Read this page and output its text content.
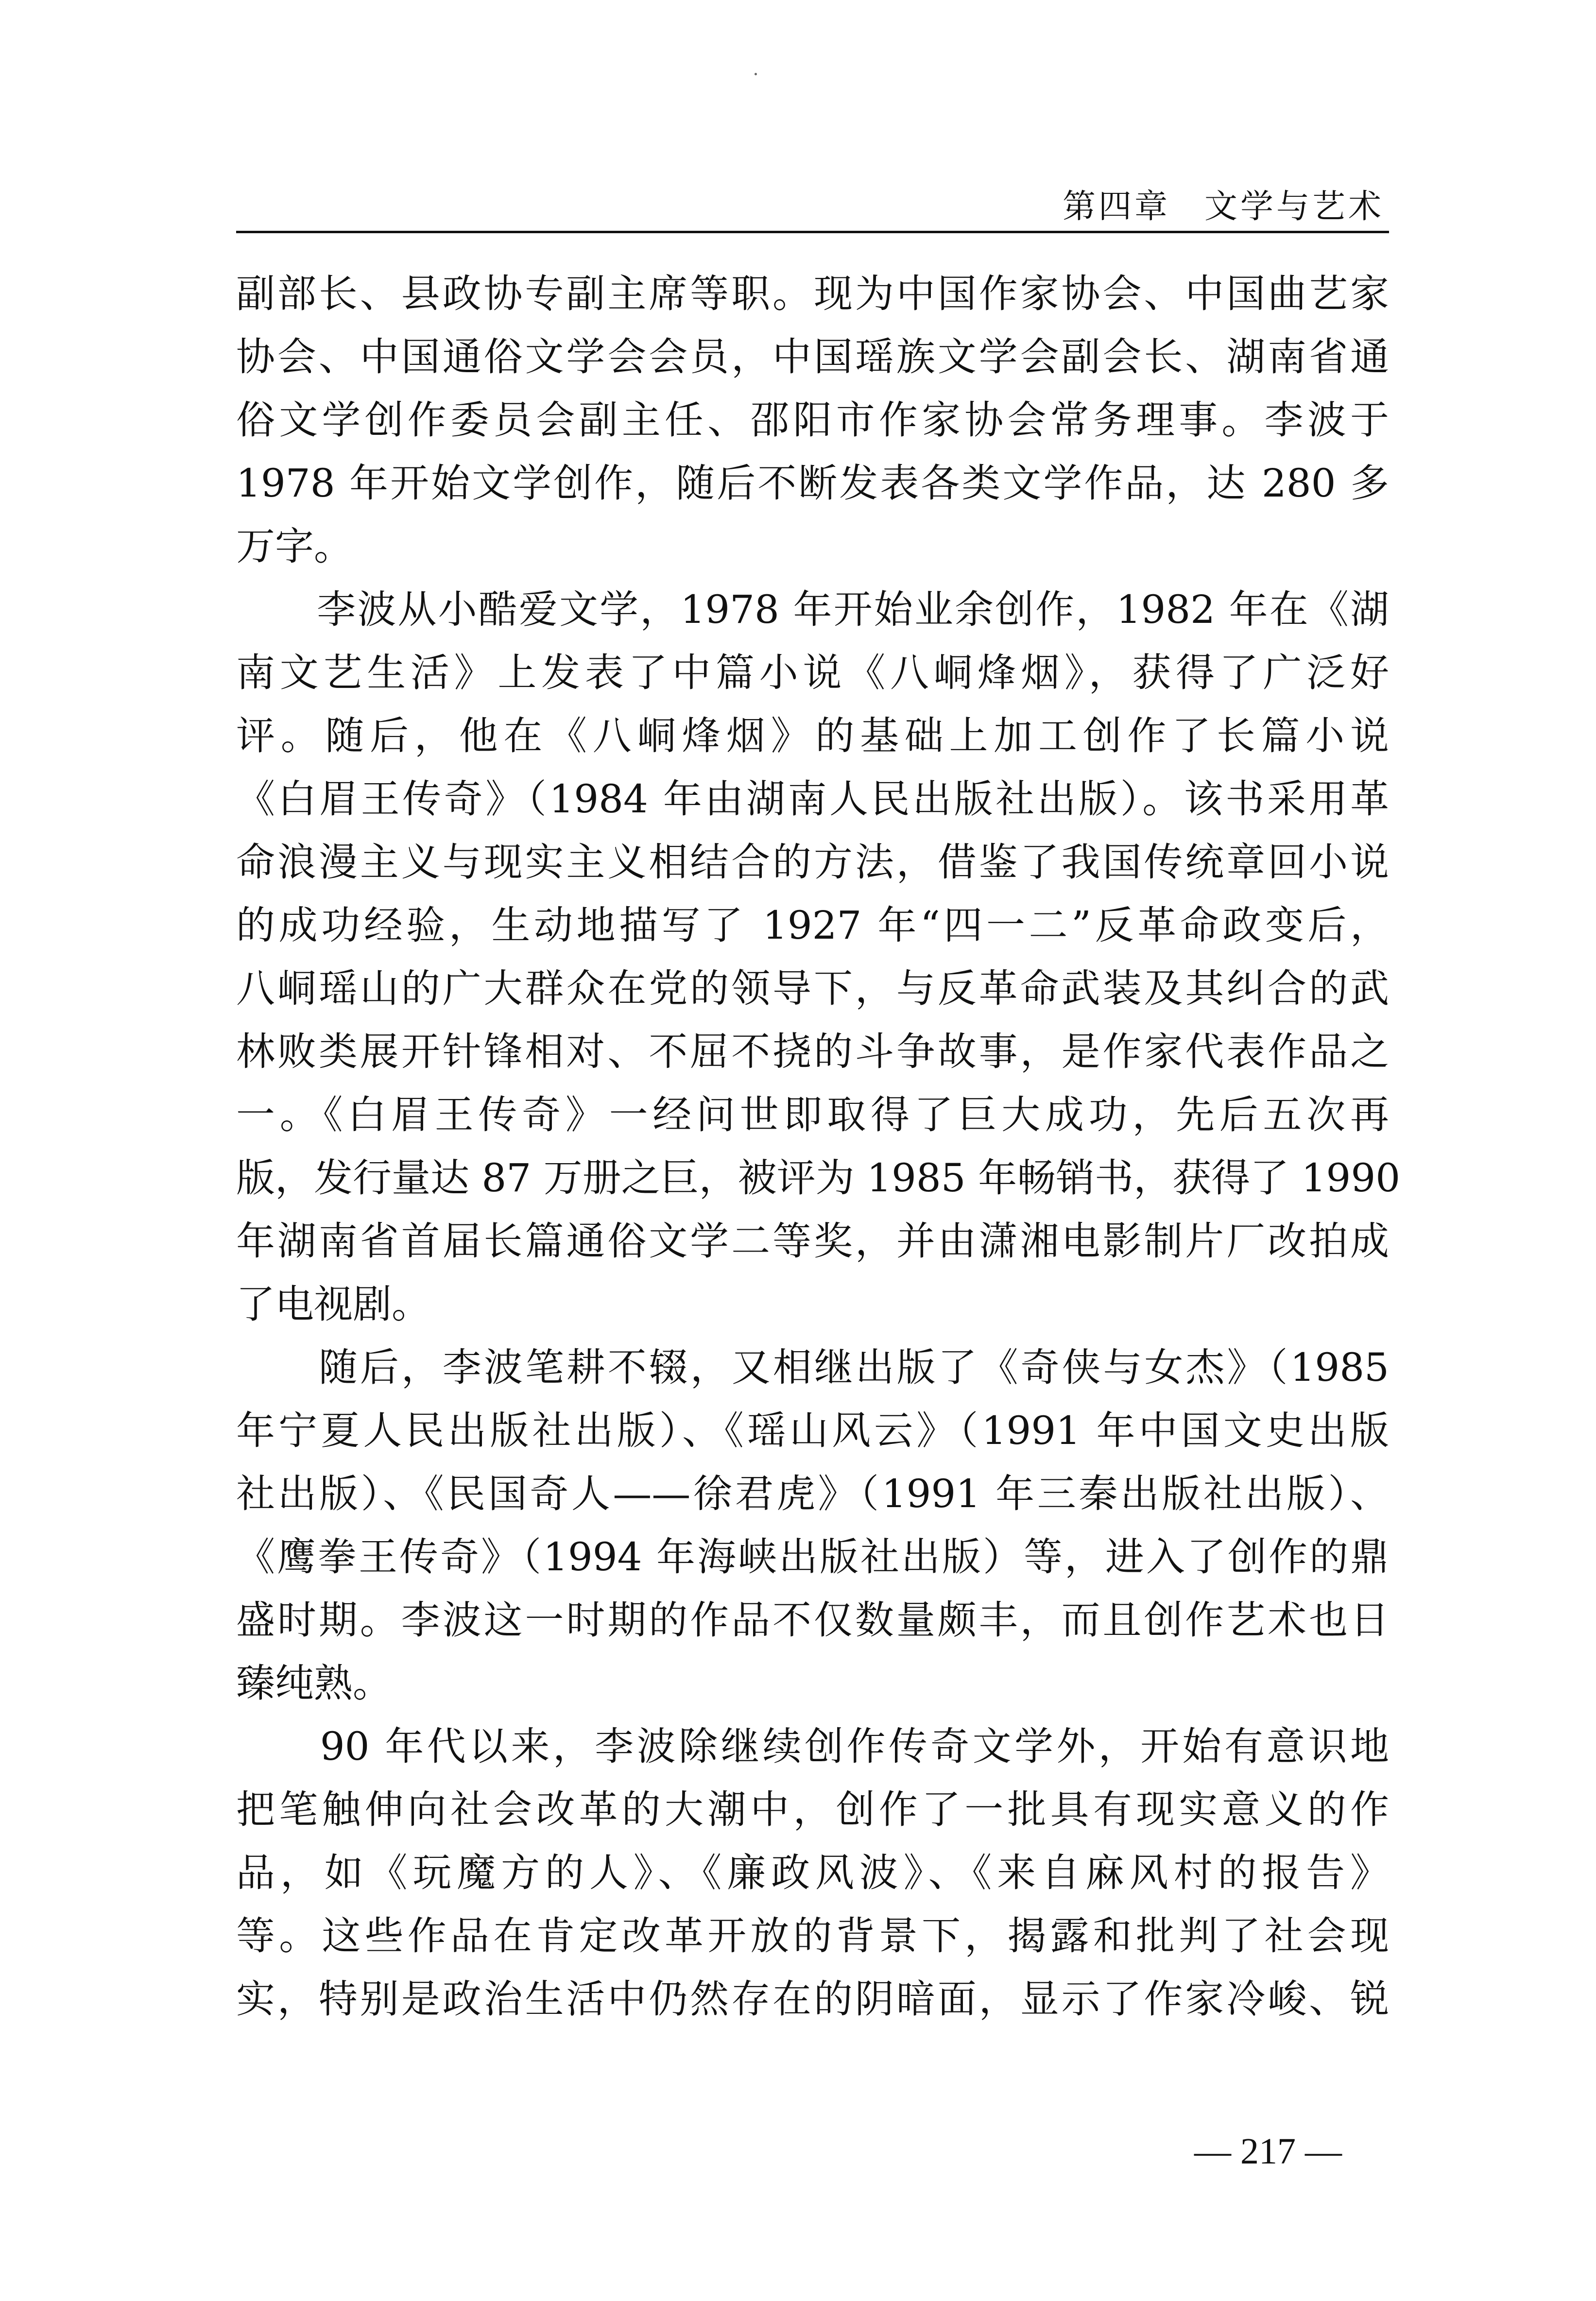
第四章 文学与艺术
副部长、县政协专副主席等职。现为中国作家协会、中国曲艺家
协会、中国通俗文学会会员，中国瑶族文学会副会长、湖南省通
俗文学创作委员会副主任、邵阳市作家协会常务理事。李波于
1978 年开始文学创作，随后不断发表各类文学作品，达 280 多
万字。
　　李波从小酷爱文学，1978 年开始业余创作，1982 年在《湖
南文艺生活》上发表了中篇小说《八峒烽烟》，获得了广泛好
评。随后，他在《八峒烽烟》的基础上加工创作了长篇小说
《白眉王传奇》（1984 年由湖南人民出版社出版）。该书采用革
命浪漫主义与现实主义相结合的方法，借鉴了我国传统章回小说
的成功经验，生动地描写了 1927 年“四一二”反革命政变后，
八峒瑶山的广大群众在党的领导下，与反革命武装及其纠合的武
林败类展开针锋相对、不屈不挠的斗争故事，是作家代表作品之
一。《白眉王传奇》一经问世即取得了巨大成功，先后五次再
版，发行量达 87 万册之巨，被评为 1985 年畅销书，获得了 1990
年湖南省首届长篇通俗文学二等奖，并由潇湘电影制片厂改拍成
了电视剧。
　　随后，李波笔耕不辍，又相继出版了《奇侠与女杰》（1985
年宁夏人民出版社出版）、《瑶山风云》（1991 年中国文史出版
社出版）、《民国奇人——徐君虎》（1991 年三秦出版社出版）、
《鹰拳王传奇》（1994 年海峡出版社出版）等，进入了创作的鼎
盛时期。李波这一时期的作品不仅数量颇丰，而且创作艺术也日
臻纯熟。
　　90 年代以来，李波除继续创作传奇文学外，开始有意识地
把笔触伸向社会改革的大潮中，创作了一批具有现实意义的作
品，如《玩魔方的人》、《廉政风波》、《来自麻风村的报告》
等。这些作品在肯定改革开放的背景下，揭露和批判了社会现
实，特别是政治生活中仍然存在的阴暗面，显示了作家冷峻、锐
— 217 —
